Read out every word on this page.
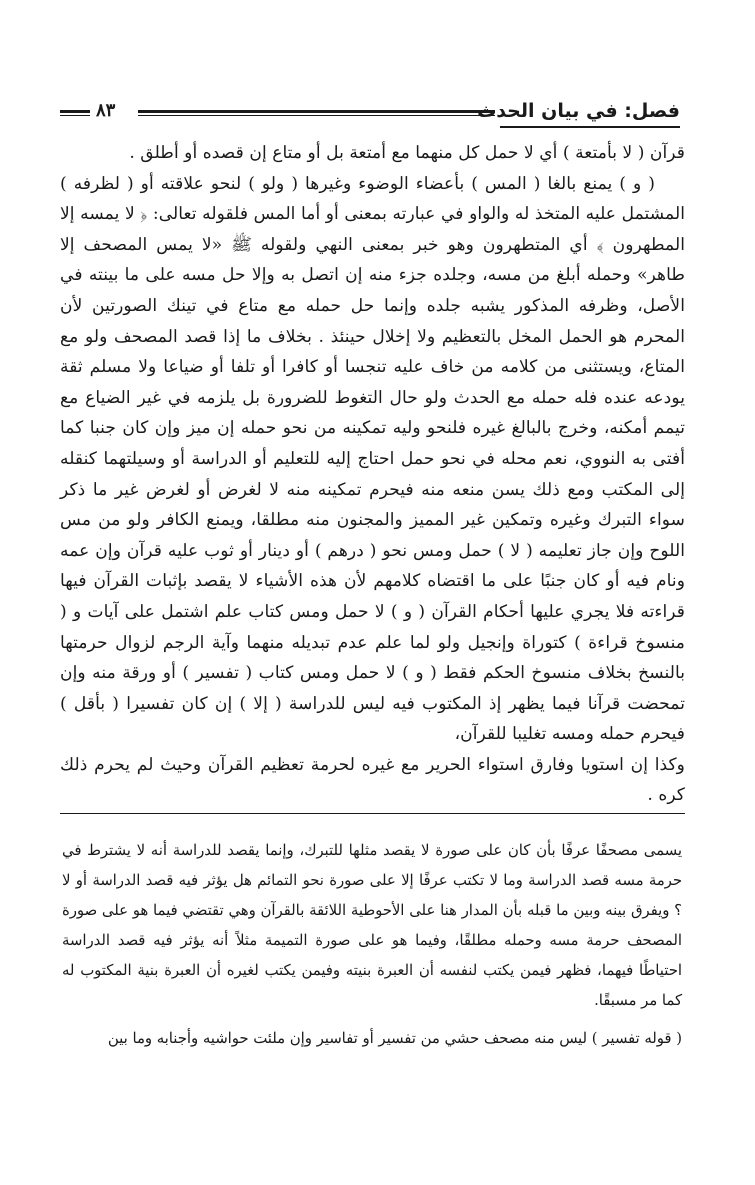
فصل: في بيان الحدث
٨٣

قرآن ( لا بأمتعة ) أي لا حمل كل منهما مع أمتعة بل أو متاع إن قصده أو أطلق .

( و ) يمنع بالغا ( المس ) بأعضاء الوضوء وغيرها ( ولو ) لنحو علاقته أو ( لظرفه ) المشتمل عليه المتخذ له والواو في عبارته بمعنى أو أما المس فلقوله تعالى: ﴿ لا يمسه إلا المطهرون ﴾ أي المتطهرون وهو خبر بمعنى النهي ولقوله ﷺ «لا يمس المصحف إلا طاهر» وحمله أبلغ من مسه، وجلده جزء منه إن اتصل به وإلا حل مسه على ما بينته في الأصل، وظرفه المذكور يشبه جلده وإنما حل حمله مع متاع في تينك الصورتين لأن المحرم هو الحمل المخل بالتعظيم ولا إخلال حينئذ . بخلاف ما إذا قصد المصحف ولو مع المتاع، ويستثنى من كلامه من خاف عليه تنجسا أو كافرا أو تلفا أو ضياعا ولا مسلم ثقة يودعه عنده فله حمله مع الحدث ولو حال التغوط للضرورة بل يلزمه في غير الضياع مع تيمم أمكنه، وخرج بالبالغ غيره فلنحو وليه تمكينه من نحو حمله إن ميز وإن كان جنبا كما أفتى به النووي، نعم محله في نحو حمل احتاج إليه للتعليم أو الدراسة أو وسيلتهما كنقله إلى المكتب ومع ذلك يسن منعه منه فيحرم تمكينه منه لا لغرض أو لغرض غير ما ذكر سواء التبرك وغيره وتمكين غير المميز والمجنون منه مطلقا، ويمنع الكافر ولو من مس اللوح وإن جاز تعليمه ( لا ) حمل ومس نحو ( درهم ) أو دينار أو ثوب عليه قرآن وإن عمه ونام فيه أو كان جنبًا على ما اقتضاه كلامهم لأن هذه الأشياء لا يقصد بإثبات القرآن فيها قراءته فلا يجري عليها أحكام القرآن ( و ) لا حمل ومس كتاب علم اشتمل على آيات و ( منسوخ قراءة ) كتوراة وإنجيل ولو لما علم عدم تبديله منهما وآية الرجم لزوال حرمتها بالنسخ بخلاف منسوخ الحكم فقط ( و ) لا حمل ومس كتاب ( تفسير ) أو ورقة منه وإن تمحضت قرآنا فيما يظهر إذ المكتوب فيه ليس للدراسة ( إلا ) إن كان تفسيرا ( بأقل ) فيحرم حمله ومسه تغليبا للقرآن،

وكذا إن استويا وفارق استواء الحرير مع غيره لحرمة تعظيم القرآن وحيث لم يحرم ذلك كره .

يسمى مصحفًا عرفًا بأن كان على صورة لا يقصد مثلها للتبرك، وإنما يقصد للدراسة أنه لا يشترط في حرمة مسه قصد الدراسة وما لا تكتب عرفًا إلا على صورة نحو التمائم هل يؤثر فيه قصد الدراسة أو لا ؟ ويفرق بينه وبين ما قبله بأن المدار هنا على الأحوطية اللائقة بالقرآن وهي تقتضي فيما هو على صورة المصحف حرمة مسه وحمله مطلقًا، وفيما هو على صورة التميمة مثلاً أنه يؤثر فيه قصد الدراسة احتياطًا فيهما، فظهر فيمن يكتب لنفسه أن العبرة بنيته وفيمن يكتب لغيره أن العبرة بنية المكتوب له كما مر مسبقًا.

( قوله تفسير ) ليس منه مصحف حشي من تفسير أو تفاسير وإن ملئت حواشيه وأجنابه وما بين
